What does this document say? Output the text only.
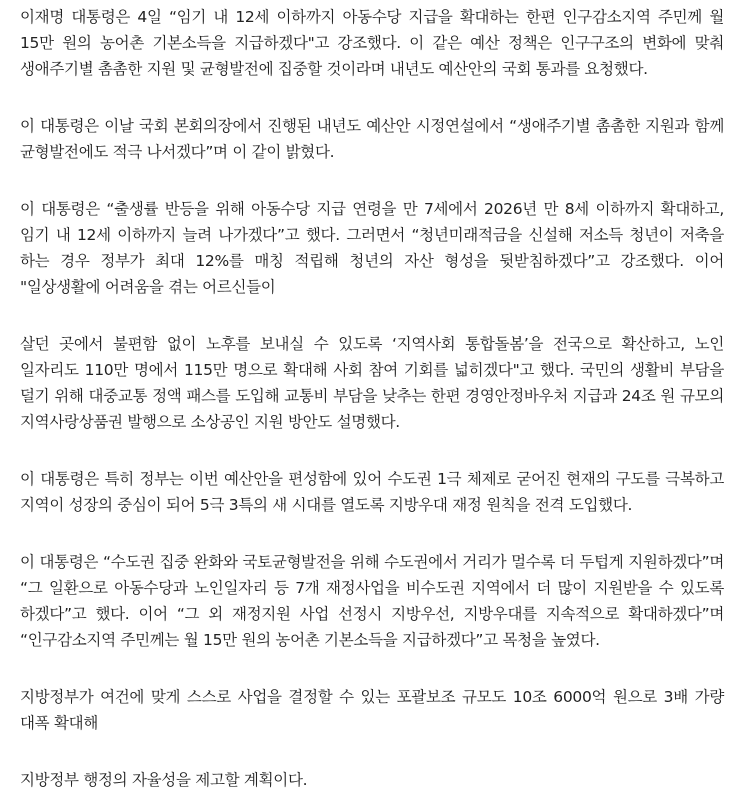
이재명 대통령은 4일 “임기 내 12세 이하까지 아동수당 지급을 확대하는 한편 인구감소지역 주민께 월 15만 원의 농어촌 기본소득을 지급하겠다"고 강조했다. 이 같은 예산 정책은 인구구조의 변화에 맞춰 생애주기별 촘촘한 지원 및 균형발전에 집중할 것이라며 내년도 예산안의 국회 통과를 요청했다.

이 대통령은 이날 국회 본회의장에서 진행된 내년도 예산안 시정연설에서 “생애주기별 촘촘한 지원과 함께 균형발전에도 적극 나서겠다”며 이 같이 밝혔다.

이 대통령은 “출생률 반등을 위해 아동수당 지급 연령을 만 7세에서 2026년 만 8세 이하까지 확대하고, 임기 내 12세 이하까지 늘려 나가겠다”고 했다. 그러면서 “청년미래적금을 신설해 저소득 청년이 저축을 하는 경우 정부가 최대 12%를 매칭 적립해 청년의 자산 형성을 뒷받침하겠다”고 강조했다. 이어 "일상생활에 어려움을 겪는 어르신들이

살던 곳에서 불편함 없이 노후를 보내실 수 있도록 ‘지역사회 통합돌봄’을 전국으로 확산하고, 노인 일자리도 110만 명에서 115만 명으로 확대해 사회 참여 기회를 넓히겠다"고 했다. 국민의 생활비 부담을 덜기 위해 대중교통 정액 패스를 도입해 교통비 부담을 낮추는 한편 경영안정바우처 지급과 24조 원 규모의 지역사랑상품권 발행으로 소상공인 지원 방안도 설명했다.

이 대통령은 특히 정부는 이번 예산안을 편성함에 있어 수도권 1극 체제로 굳어진 현재의 구도를 극복하고 지역이 성장의 중심이 되어 5극 3특의 새 시대를 열도록 지방우대 재정 원칙을 전격 도입했다.

이 대통령은 “수도권 집중 완화와 국토균형발전을 위해 수도권에서 거리가 멀수록 더 두텁게 지원하겠다”며 “그 일환으로 아동수당과 노인일자리 등 7개 재정사업을 비수도권 지역에서 더 많이 지원받을 수 있도록 하겠다”고 했다. 이어 “그 외 재정지원 사업 선정시 지방우선, 지방우대를 지속적으로 확대하겠다”며 “인구감소지역 주민께는 월 15만 원의 농어촌 기본소득을 지급하겠다”고 목청을 높였다.

지방정부가 여건에 맞게 스스로 사업을 결정할 수 있는 포괄보조 규모도 10조 6000억 원으로 3배 가량 대폭 확대해

지방정부 행정의 자율성을 제고할 계획이다.
